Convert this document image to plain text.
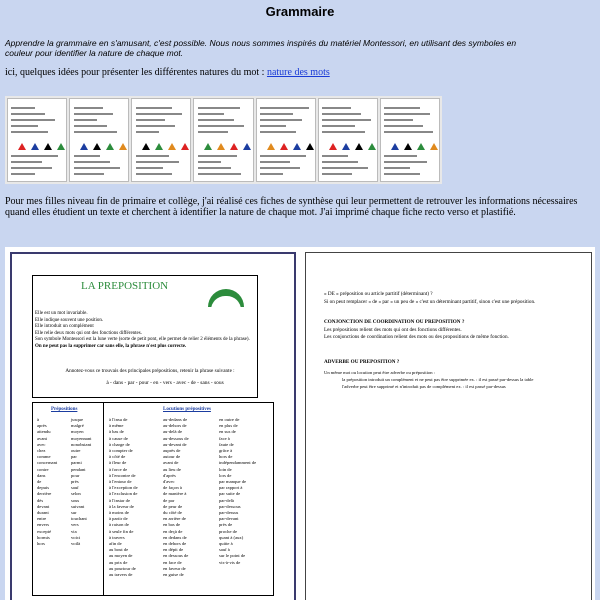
Grammaire
Apprendre la grammaire en s'amusant, c'est possible. Nous nous sommes inspirés du matériel Montessori, en utilisant des symboles en couleur pour identifier la nature de chaque mot.
ici, quelques idées pour présenter les différentes natures du mot : nature des mots
Pour mes filles niveau fin de primaire et collège, j'ai réalisé ces fiches de synthèse qui leur permettent de retrouver les informations nécessaires
quand elles étudient un texte et cherchent à identifier la nature de chaque mot. J'ai imprimé chaque fiche recto verso et plastifié.
LA PREPOSITION
Elle est un mot invariable.
Elle indique souvent une position.
Elle introduit un complément
Elle relie deux mots qui ont des fonctions différentes.
Son symbole Montessori est la lune verte (sorte de petit pont, elle permet de relier 2 éléments de la phrase).
On ne peut pas la supprimer car sans elle, la phrase n'est plus correcte.
Annotez-vous ce trouvais des principales prépositions, retenir la phrase suivante :
à - dans - par - pour - en - vers - avec - de - sans - sous
Prépositions	Locutions prépositives
à
après
attendu
avant
avec
chez
comme
concernant
contre
dans
de
depuis
derrière
dès
devant
durant
entre
envers
excepté
hormis
hors
jusque
malgré
moyen
moyennant
nonobstant
outre
par
parmi
pendant
pour
près
sauf
selon
sous
suivant
sur
touchant
vers
via
voici
voilà
à l'insu de
à même
à bas de
à cause de
à charge de
à compter de
à côté de
à fleur de
à force de
à l'encontre de
à l'entour de
à l'exception de
à l'exclusion de
à l'instar de
à la faveur de
à moins de
à partir de
à raison de
à seule fin de
à travers
afin de
au bout de
au moyen de
au prix de
au pourtour de
au travers de
au-dedans de
au-dehors de
au-delà de
au-dessous de
au-devant de
auprès de
autour de
avant de
au lieu de
d'après
d'avec
de façon à
de manière à
de par
de peur de
du côté de
en arrière de
en bas de
en deçà de
en dedans de
en dehors de
en dépit de
en dessous de
en face de
en faveur de
en guise de
en outre de
en plus de
en sus de
face à
faute de
grâce à
hors de
indépendamment de
loin de
lors de
par manque de
par rapport à
par suite de
par-delà
par-dessous
par-dessus
par-devant
près de
proche de
quant à (aux)
quitte à
sauf à
sur le point de
vis-à-vis de
« DE » préposition ou article partitif (déterminant) ?
Si on peut remplacer « de » par « un peu de » c'est un déterminant partitif, sinon c'est une préposition.
CONJONCTION DE COORDINATION OU PREPOSITION ?
Les prépositions relient des mots qui ont des fonctions différentes.
Les conjonctions de coordination relient des mots ou des propositions de même fonction.
ADVERBE OU PREPOSITION ?
Un même mot ou locution peut être adverbe ou préposition :
la préposition introduit un complément et ne peut pas être supprimée ex. : il est passé par-dessus la table
l'adverbe peut être supprimé et n'introduit pas de complément ex. : il est passé par-dessus
